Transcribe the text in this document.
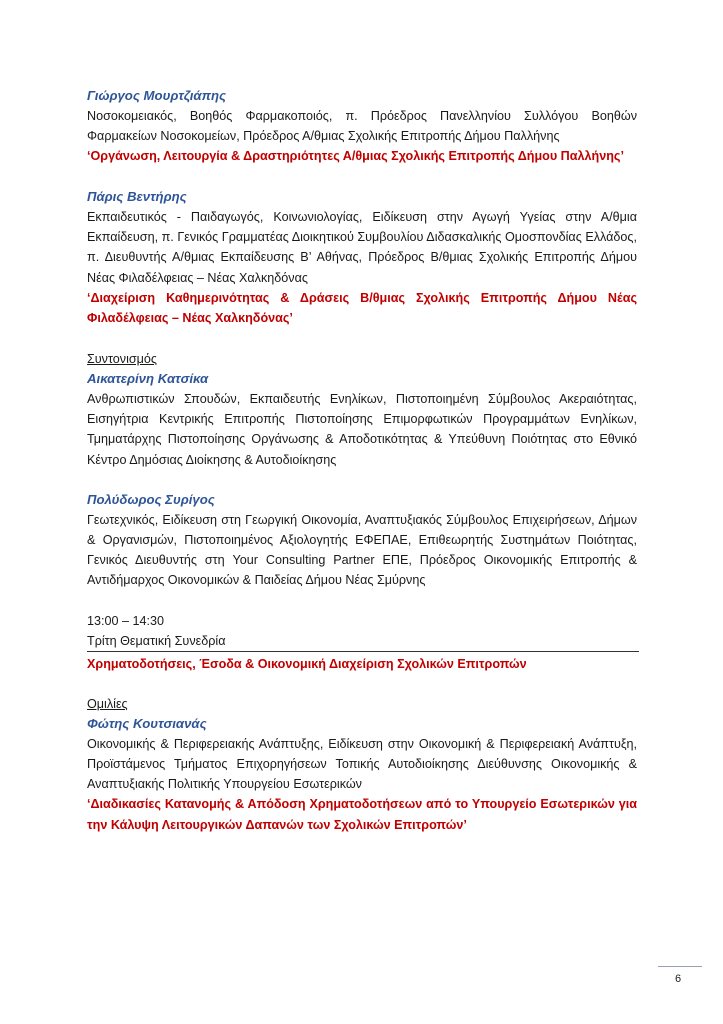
Γιώργος Μουρτζιάπης

Νοσοκομειακός, Βοηθός Φαρμακοποιός, π. Πρόεδρος Πανελληνίου Συλλόγου Βοηθών Φαρμακείων Νοσοκομείων, Πρόεδρος Α/θμιας Σχολικής Επιτροπής Δήμου Παλλήνης

‘Οργάνωση, Λειτουργία & Δραστηριότητες Α/θμιας Σχολικής Επιτροπής Δήμου Παλλήνης’

Πάρις Βεντήρης

Εκπαιδευτικός - Παιδαγωγός, Κοινωνιολογίας, Ειδίκευση στην Αγωγή Υγείας στην Α/θμια Εκπαίδευση, π. Γενικός Γραμματέας Διοικητικού Συμβουλίου Διδασκαλικής Ομοσπονδίας Ελλάδος, π. Διευθυντής Α/θμιας Εκπαίδευσης Β’ Αθήνας, Πρόεδρος Β/θμιας Σχολικής Επιτροπής Δήμου Νέας Φιλαδέλφειας – Νέας Χαλκηδόνας

‘Διαχείριση Καθημερινότητας & Δράσεις Β/θμιας Σχολικής Επιτροπής Δήμου Νέας Φιλαδέλφειας – Νέας Χαλκηδόνας’

Συντονισμός

Αικατερίνη Κατσίκα

Ανθρωπιστικών Σπουδών, Εκπαιδευτής Ενηλίκων, Πιστοποιημένη Σύμβουλος Ακεραιότητας, Εισηγήτρια Κεντρικής Επιτροπής Πιστοποίησης Επιμορφωτικών Προγραμμάτων Ενηλίκων, Τμηματάρχης Πιστοποίησης Οργάνωσης & Αποδοτικότητας & Υπεύθυνη Ποιότητας στο Εθνικό Κέντρο Δημόσιας Διοίκησης & Αυτοδιοίκησης

Πολύδωρος Συρίγος

Γεωτεχνικός, Ειδίκευση στη Γεωργική Οικονομία, Αναπτυξιακός Σύμβουλος Επιχειρήσεων, Δήμων & Οργανισμών, Πιστοποιημένος Αξιολογητής ΕΦΕΠΑΕ, Επιθεωρητής Συστημάτων Ποιότητας, Γενικός Διευθυντής στη Your Consulting Partner ΕΠΕ, Πρόεδρος Οικονομικής Επιτροπής & Αντιδήμαρχος Οικονομικών & Παιδείας Δήμου Νέας Σμύρνης

13:00 – 14:30

Τρίτη Θεματική Συνεδρία

Χρηματοδοτήσεις, Έσοδα & Οικονομική Διαχείριση Σχολικών Επιτροπών

Ομιλίες

Φώτης Κουτσιανάς

Οικονομικής & Περιφερειακής Ανάπτυξης, Ειδίκευση στην Οικονομική & Περιφερειακή Ανάπτυξη, Προϊστάμενος Τμήματος Επιχορηγήσεων Τοπικής Αυτοδιοίκησης Διεύθυνσης Οικονομικής & Αναπτυξιακής Πολιτικής Υπουργείου Εσωτερικών

‘Διαδικασίες Κατανομής & Απόδοση Χρηματοδοτήσεων από το Υπουργείο Εσωτερικών για την Κάλυψη Λειτουργικών Δαπανών των Σχολικών Επιτροπών’

6
